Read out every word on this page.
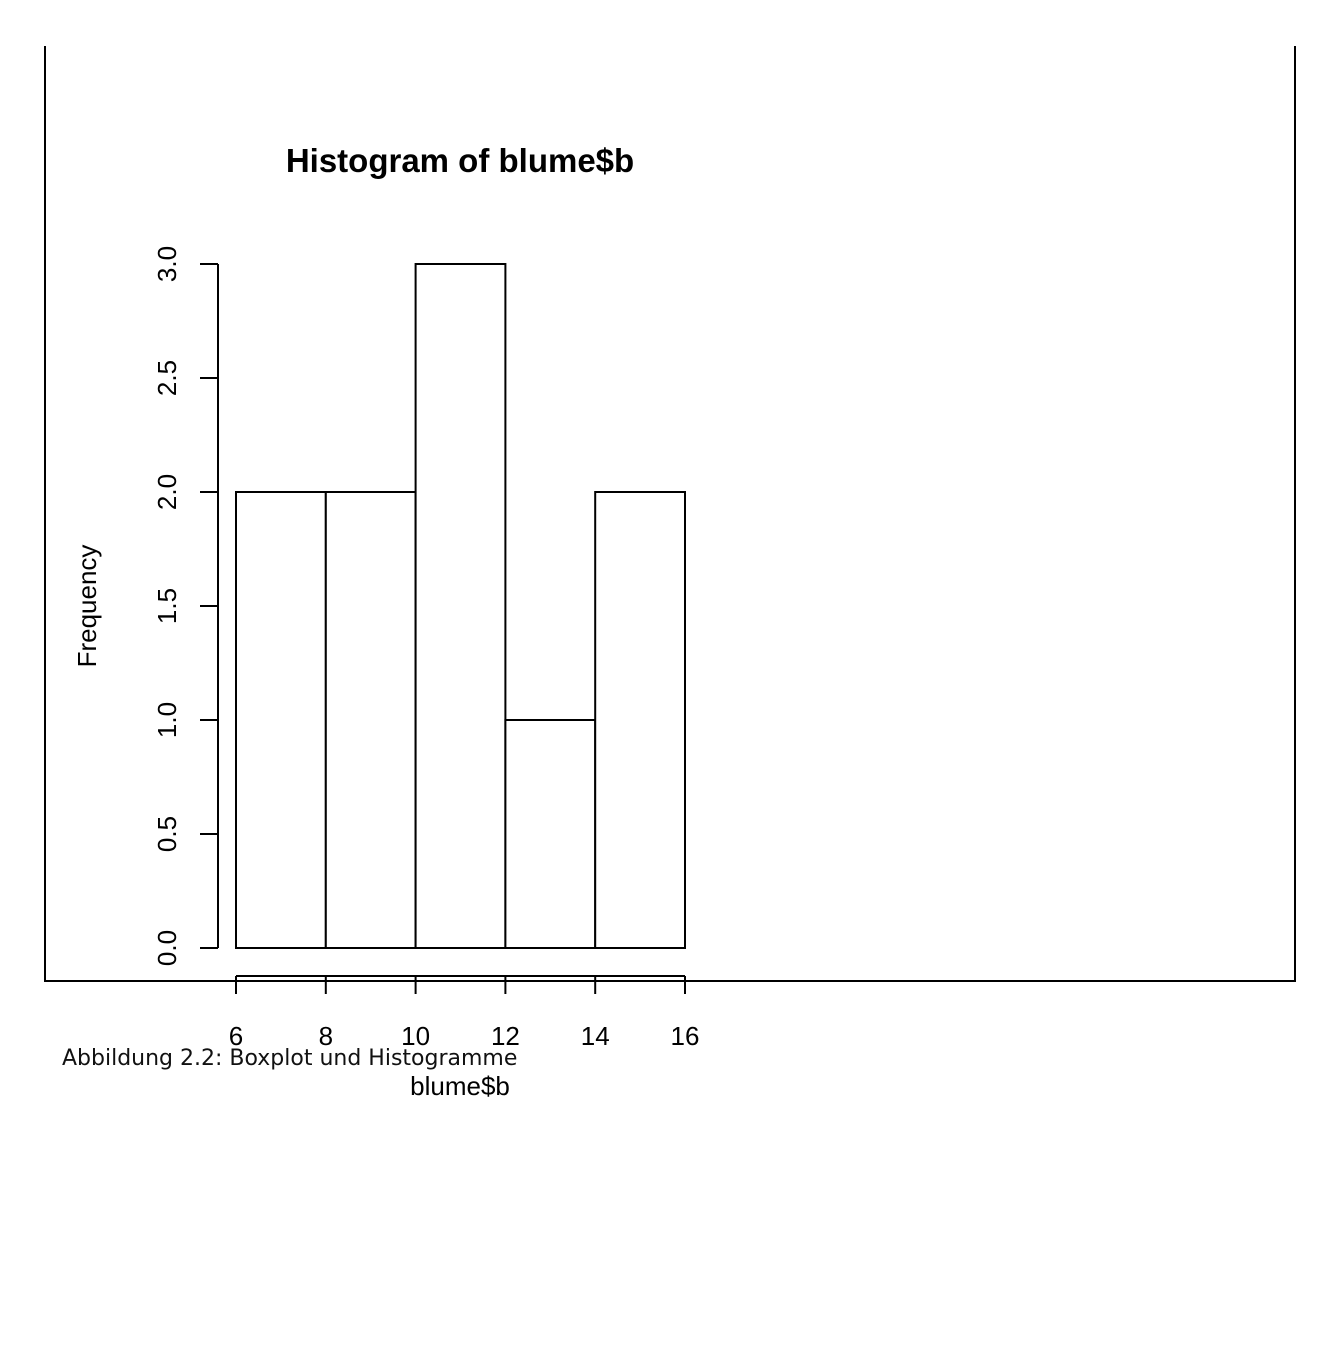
Histogram of blume$b
6	8	10 12 14 16
0.0
0.5
1.0
1.5
2.0
2.5
3.0
blume$b
Frequency
Abbildung 2.2: Boxplot und Histogramme
